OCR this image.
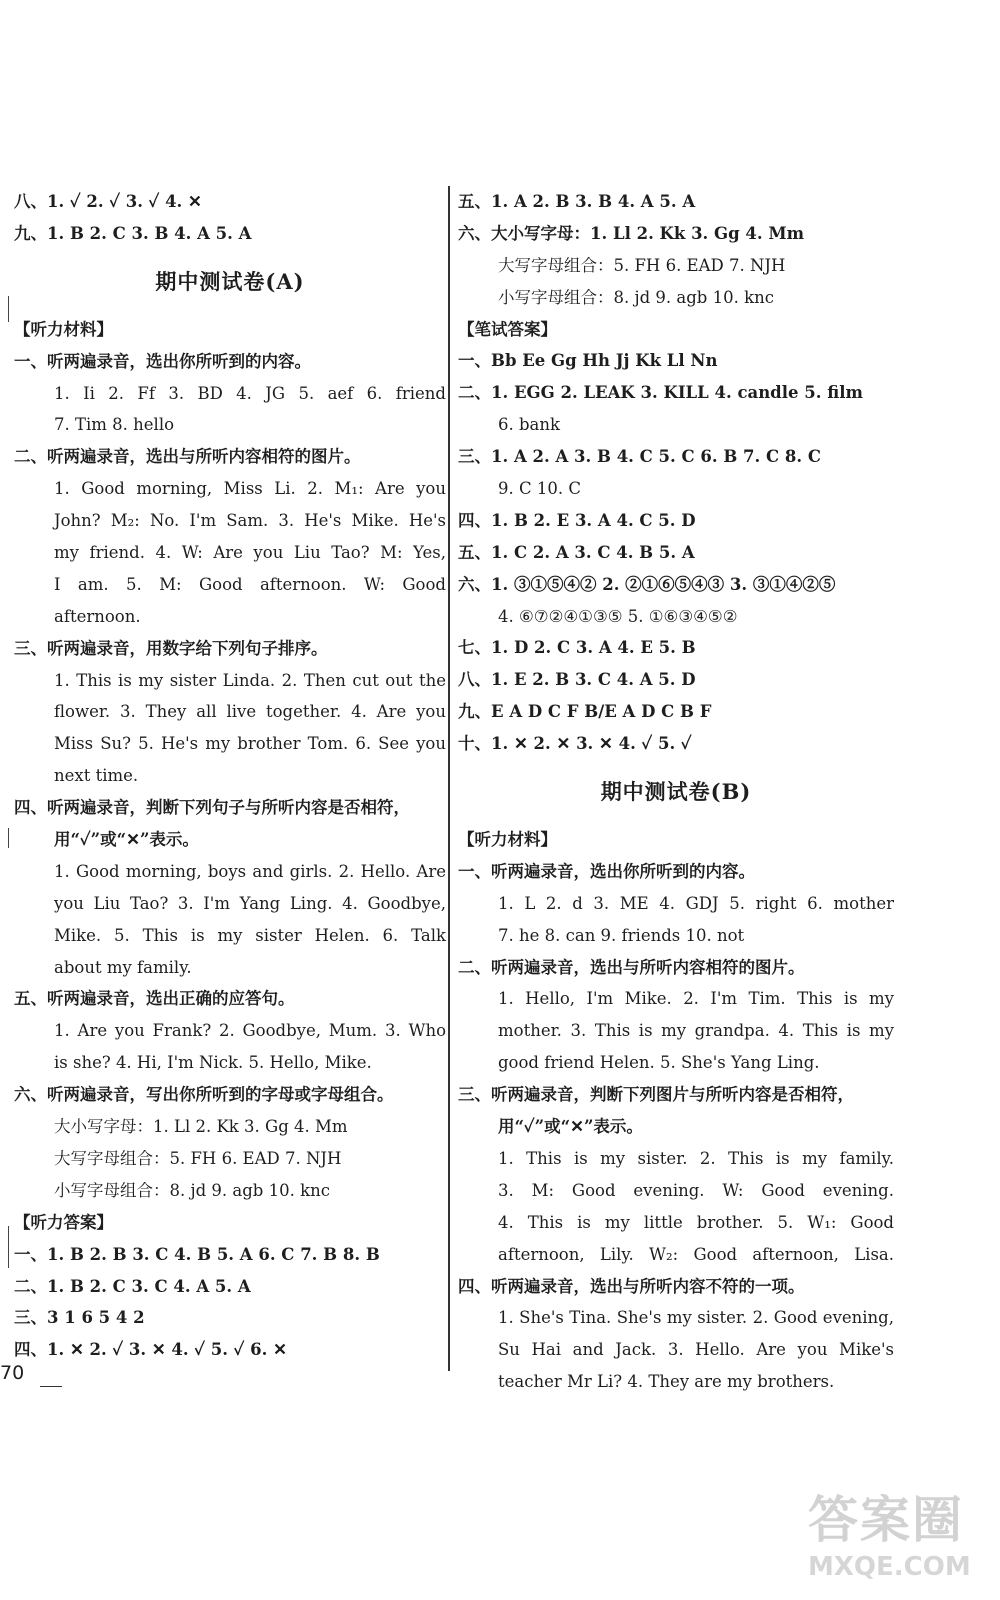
八、1. ✓ 2. ✓ 3. ✓ 4. ✕
九、1. B 2. C 3. B 4. A 5. A
期中测试卷(A)
【听力材料】
一、听两遍录音，选出你所听到的内容。
1. Ii 2. Ff 3. BD 4. JG 5. aef 6. friend
7. Tim 8. hello
二、听两遍录音，选出与所听内容相符的图片。
1. Good morning, Miss Li. 2. M₁: Are you
John? M₂: No. I'm Sam. 3. He's Mike. He's
my friend. 4. W: Are you Liu Tao? M: Yes,
I am. 5. M: Good afternoon. W: Good
afternoon.
三、听两遍录音，用数字给下列句子排序。
1. This is my sister Linda. 2. Then cut out the
flower. 3. They all live together. 4. Are you
Miss Su? 5. He's my brother Tom. 6. See you
next time.
四、听两遍录音，判断下列句子与所听内容是否相符，
用“✓”或“✕”表示。
1. Good morning, boys and girls. 2. Hello. Are
you Liu Tao? 3. I'm Yang Ling. 4. Goodbye,
Mike. 5. This is my sister Helen. 6. Talk
about my family.
五、听两遍录音，选出正确的应答句。
1. Are you Frank? 2. Goodbye, Mum. 3. Who
is she? 4. Hi, I'm Nick. 5. Hello, Mike.
六、听两遍录音，写出你所听到的字母或字母组合。
大小写字母：1. Ll 2. Kk 3. Gg 4. Mm
大写字母组合：5. FH 6. EAD 7. NJH
小写字母组合：8. jd 9. agb 10. knc
【听力答案】
一、1. B 2. B 3. C 4. B 5. A 6. C 7. B 8. B
二、1. B 2. C 3. C 4. A 5. A
三、3 1 6 5 4 2
四、1. ✕ 2. ✓ 3. ✕ 4. ✓ 5. ✓ 6. ✕
五、1. A 2. B 3. B 4. A 5. A
六、大小写字母：1. Ll 2. Kk 3. Gg 4. Mm
大写字母组合：5. FH 6. EAD 7. NJH
小写字母组合：8. jd 9. agb 10. knc
【笔试答案】
一、Bb Ee Gg Hh Jj Kk Ll Nn
二、1. EGG 2. LEAK 3. KILL 4. candle 5. film
6. bank
三、1. A 2. A 3. B 4. C 5. C 6. B 7. C 8. C
9. C 10. C
四、1. B 2. E 3. A 4. C 5. D
五、1. C 2. A 3. C 4. B 5. A
六、1. ③①⑤④② 2. ②①⑥⑤④③ 3. ③①④②⑤
4. ⑥⑦②④①③⑤ 5. ①⑥③④⑤②
七、1. D 2. C 3. A 4. E 5. B
八、1. E 2. B 3. C 4. A 5. D
九、E A D C F B/E A D C B F
十、1. ✕ 2. ✕ 3. ✕ 4. ✓ 5. ✓
期中测试卷(B)
【听力材料】
一、听两遍录音，选出你所听到的内容。
1. L 2. d 3. ME 4. GDJ 5. right 6. mother
7. he 8. can 9. friends 10. not
二、听两遍录音，选出与所听内容相符的图片。
1. Hello, I'm Mike. 2. I'm Tim. This is my
mother. 3. This is my grandpa. 4. This is my
good friend Helen. 5. She's Yang Ling.
三、听两遍录音，判断下列图片与所听内容是否相符，
用“✓”或“✕”表示。
1. This is my sister. 2. This is my family.
3. M: Good evening. W: Good evening.
4. This is my little brother. 5. W₁: Good
afternoon, Lily. W₂: Good afternoon, Lisa.
四、听两遍录音，选出与所听内容不符的一项。
1. She's Tina. She's my sister. 2. Good evening,
Su Hai and Jack. 3. Hello. Are you Mike's
teacher Mr Li? 4. They are my brothers.
70
答案圈
MXQE.COM
